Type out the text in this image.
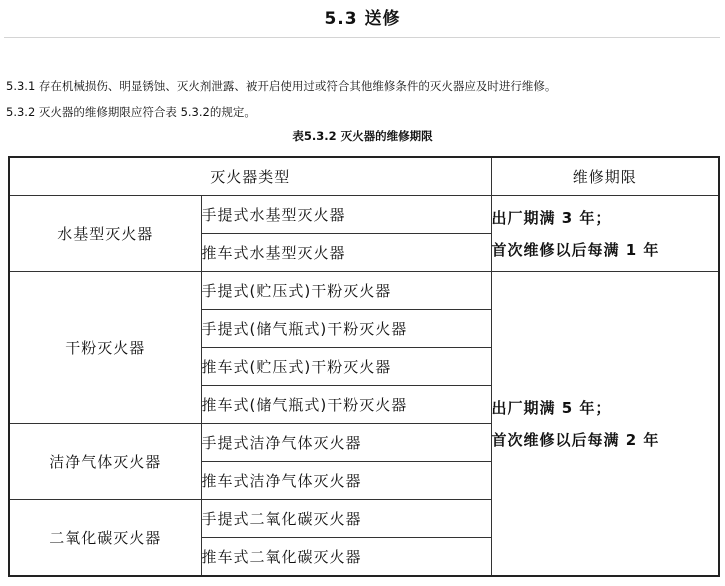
5.3 送修
5.3.1 存在机械损伤、明显锈蚀、灭火剂泄露、被开启使用过或符合其他维修条件的灭火器应及时进行维修。
5.3.2 灭火器的维修期限应符合表 5.3.2的规定。
表5.3.2 灭火器的维修期限
灭火器类型		维修期限
水基型灭火器	手提式水基型灭火器	出厂期满 3 年；
首次维修以后每满 1 年

	推车式水基型灭火器	
干粉灭火器	手提式(贮压式)干粉灭火器	出厂期满 5 年；
首次维修以后每满 2 年

	手提式(储气瓶式)干粉灭火器	
	推车式(贮压式)干粉灭火器	
	推车式(储气瓶式)干粉灭火器	
洁净气体灭火器	手提式洁净气体灭火器	
	推车式洁净气体灭火器	
二氧化碳灭火器	手提式二氧化碳灭火器	
	推车式二氧化碳灭火器	
